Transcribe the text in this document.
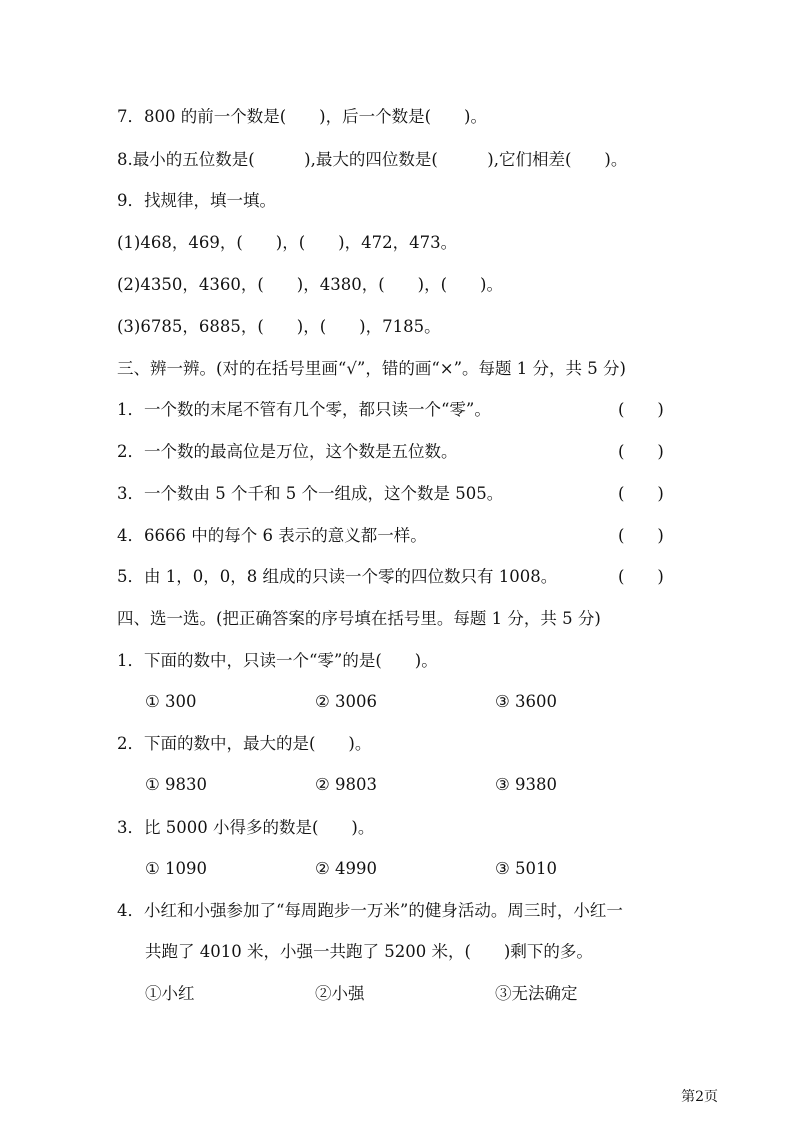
7．800 的前一个数是(　　)，后一个数是(　　)。
8.最小的五位数是(　　　),最大的四位数是(　　　),它们相差(　　)。
9．找规律，填一填。
(1)468，469，(　　)，(　　)，472，473。
(2)4350，4360，(　　)，4380，(　　)，(　　)。
(3)6785，6885，(　　)，(　　)，7185。
三、辨一辨。(对的在括号里画“√”，错的画“×”。每题 1 分，共 5 分)
1．一个数的末尾不管有几个零，都只读一个“零”。	(　　)
2．一个数的最高位是万位，这个数是五位数。	(　　)
3．一个数由 5 个千和 5 个一组成，这个数是 505。	(　　)
4．6666 中的每个 6 表示的意义都一样。	(　　)
5．由 1，0，0，8 组成的只读一个零的四位数只有 1008。	(　　)
四、选一选。(把正确答案的序号填在括号里。每题 1 分，共 5 分)
1．下面的数中，只读一个“零”的是(　　)。
① 300	② 3006	③ 3600
2．下面的数中，最大的是(　　)。
① 9830	② 9803	③ 9380
3．比 5000 小得多的数是(　　)。
① 1090	② 4990	③ 5010
4．小红和小强参加了“每周跑步一万米”的健身活动。周三时，小红一
共跑了 4010 米，小强一共跑了 5200 米，(　　)剩下的多。
①小红	②小强	③无法确定
第2页
